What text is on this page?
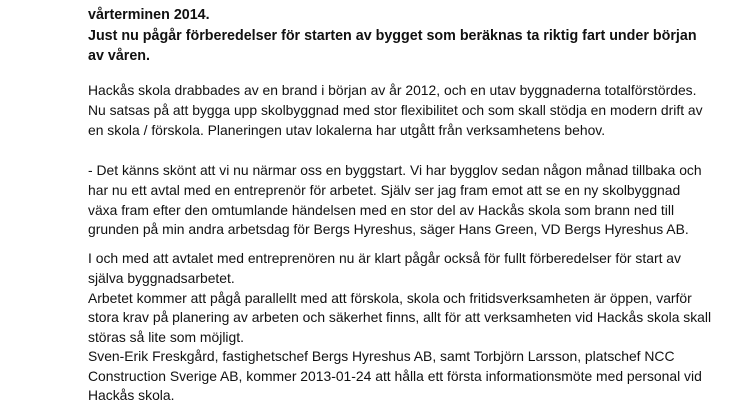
vårterminen 2014.
Just nu pågår förberedelser för starten av bygget som beräknas ta riktig fart under början
av våren.
Hackås skola drabbades av en brand i början av år 2012, och en utav byggnaderna totalförstördes.
Nu satsas på att bygga upp skolbyggnad med stor flexibilitet och som skall stödja en modern drift av
en skola / förskola. Planeringen utav lokalerna har utgått från verksamhetens behov.
- Det känns skönt att vi nu närmar oss en byggstart. Vi har bygglov sedan någon månad tillbaka och
har nu ett avtal med en entreprenör för arbetet. Själv ser jag fram emot att se en ny skolbyggnad
växa fram efter den omtumlande händelsen med en stor del av Hackås skola som brann ned till
grunden på min andra arbetsdag för Bergs Hyreshus, säger Hans Green, VD Bergs Hyreshus AB.
I och med att avtalet med entreprenören nu är klart pågår också för fullt förberedelser för start av
själva byggnadsarbetet.
Arbetet kommer att pågå parallellt med att förskola, skola och fritidsverksamheten är öppen, varför
stora krav på planering av arbeten och säkerhet finns, allt för att verksamheten vid Hackås skola skall
störas så lite som möjligt.
Sven-Erik Freskgård, fastighetschef Bergs Hyreshus AB, samt Torbjörn Larsson, platschef NCC
Construction Sverige AB, kommer 2013-01-24 att hålla ett första informationsmöte med personal vid
Hackås skola.
